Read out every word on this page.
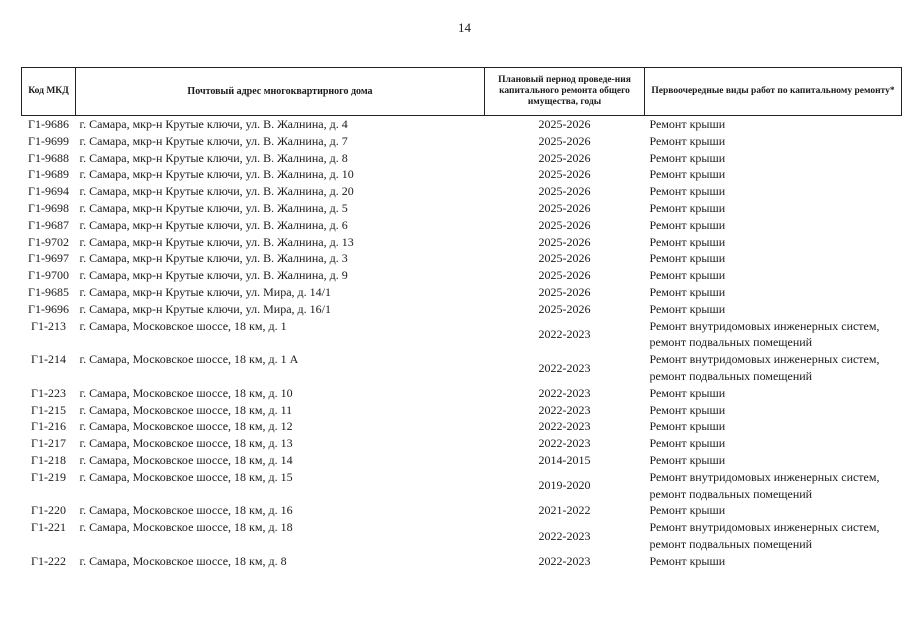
14
Код МКД	Почтовый адрес многоквартирного дома	Плановый период проведе-ния капитального ремонта общего имущества, годы	Первоочередные виды работ по капитальному ремонту*
Г1-9686	г. Самара, мкр-н Крутые ключи, ул. В. Жалнина, д. 4	2025-2026	Ремонт крыши

Г1-9699	г. Самара, мкр-н Крутые ключи, ул. В. Жалнина, д. 7	2025-2026	Ремонт крыши

Г1-9688	г. Самара, мкр-н Крутые ключи, ул. В. Жалнина, д. 8	2025-2026	Ремонт крыши

Г1-9689	г. Самара, мкр-н Крутые ключи, ул. В. Жалнина, д. 10	2025-2026	Ремонт крыши

Г1-9694	г. Самара, мкр-н Крутые ключи, ул. В. Жалнина, д. 20	2025-2026	Ремонт крыши

Г1-9698	г. Самара, мкр-н Крутые ключи, ул. В. Жалнина, д. 5	2025-2026	Ремонт крыши

Г1-9687	г. Самара, мкр-н Крутые ключи, ул. В. Жалнина, д. 6	2025-2026	Ремонт крыши

Г1-9702	г. Самара, мкр-н Крутые ключи, ул. В. Жалнина, д. 13	2025-2026	Ремонт крыши

Г1-9697	г. Самара, мкр-н Крутые ключи, ул. В. Жалнина, д. 3	2025-2026	Ремонт крыши

Г1-9700	г. Самара, мкр-н Крутые ключи, ул. В. Жалнина, д. 9	2025-2026	Ремонт крыши

Г1-9685	г. Самара, мкр-н Крутые ключи, ул. Мира, д. 14/1	2025-2026	Ремонт крыши

Г1-9696	г. Самара, мкр-н Крутые ключи, ул. Мира, д. 16/1	2025-2026	Ремонт крыши

Г1-213	г. Самара, Московское шоссе, 18 км, д. 1	2022-2023	Ремонт внутридомовых инженерных систем,
ремонт подвальных помещений

Г1-214	г. Самара, Московское шоссе, 18 км, д. 1 А	2022-2023	Ремонт внутридомовых инженерных систем,
ремонт подвальных помещений

Г1-223	г. Самара, Московское шоссе, 18 км, д. 10	2022-2023	Ремонт крыши

Г1-215	г. Самара, Московское шоссе, 18 км, д. 11	2022-2023	Ремонт крыши

Г1-216	г. Самара, Московское шоссе, 18 км, д. 12	2022-2023	Ремонт крыши

Г1-217	г. Самара, Московское шоссе, 18 км, д. 13	2022-2023	Ремонт крыши

Г1-218	г. Самара, Московское шоссе, 18 км, д. 14	2014-2015	Ремонт крыши

Г1-219	г. Самара, Московское шоссе, 18 км, д. 15	2019-2020	Ремонт внутридомовых инженерных систем,
ремонт подвальных помещений

Г1-220	г. Самара, Московское шоссе, 18 км, д. 16	2021-2022	Ремонт крыши

Г1-221	г. Самара, Московское шоссе, 18 км, д. 18	2022-2023	Ремонт внутридомовых инженерных систем,
ремонт подвальных помещений

Г1-222	г. Самара, Московское шоссе, 18 км, д. 8	2022-2023	Ремонт крыши
